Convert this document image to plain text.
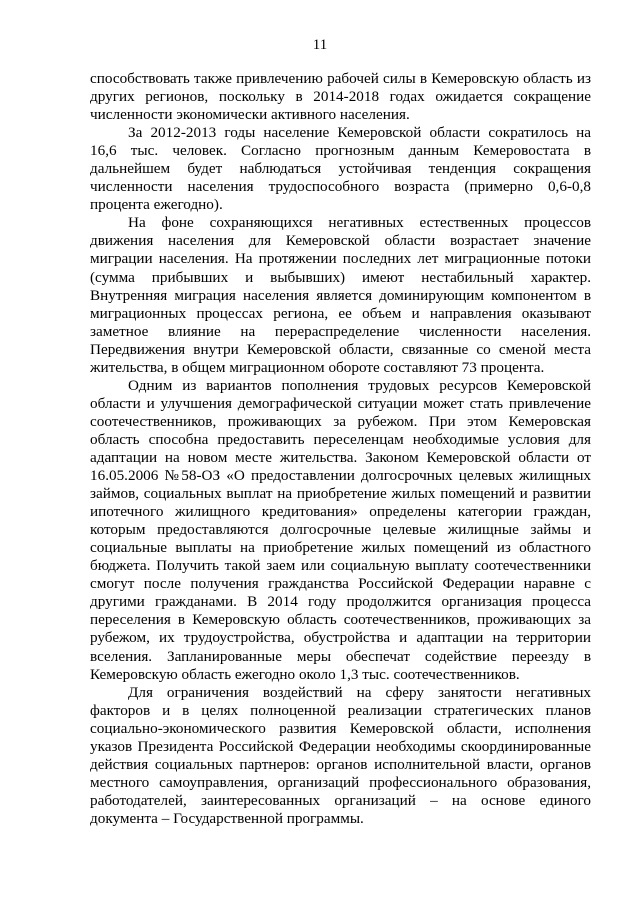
11

способствовать также привлечению рабочей силы в Кемеровскую область из других регионов, поскольку в 2014-2018 годах ожидается сокращение численности экономически активного населения.

За 2012-2013 годы население Кемеровской области сократилось на 16,6 тыс. человек. Согласно прогнозным данным Кемеровостата в дальнейшем будет наблюдаться устойчивая тенденция сокращения численности населения трудоспособного возраста (примерно 0,6-0,8 процента ежегодно).

На фоне сохраняющихся негативных естественных процессов движения населения для Кемеровской области возрастает значение миграции населения. На протяжении последних лет миграционные потоки (сумма прибывших и выбывших) имеют нестабильный характер. Внутренняя миграция населения является доминирующим компонентом в миграционных процессах региона, ее объем и направления оказывают заметное влияние на перераспределение численности населения. Передвижения внутри Кемеровской области, связанные со сменой места жительства, в общем миграционном обороте составляют 73 процента.

Одним из вариантов пополнения трудовых ресурсов Кемеровской области и улучшения демографической ситуации может стать привлечение соотечественников, проживающих за рубежом. При этом Кемеровская область способна предоставить переселенцам необходимые условия для адаптации на новом месте жительства. Законом Кемеровской области от 16.05.2006 №58-ОЗ «О предоставлении долгосрочных целевых жилищных займов, социальных выплат на приобретение жилых помещений и развитии ипотечного жилищного кредитования» определены категории граждан, которым предоставляются долгосрочные целевые жилищные займы и социальные выплаты на приобретение жилых помещений из областного бюджета. Получить такой заем или социальную выплату соотечественники смогут после получения гражданства Российской Федерации наравне с другими гражданами. В 2014 году продолжится организация процесса переселения в Кемеровскую область соотечественников, проживающих за рубежом, их трудоустройства, обустройства и адаптации на территории вселения. Запланированные меры обеспечат содействие переезду в Кемеровскую область ежегодно около 1,3 тыс. соотечественников.

Для ограничения воздействий на сферу занятости негативных факторов и в целях полноценной реализации стратегических планов социально-экономического развития Кемеровской области, исполнения указов Президента Российской Федерации необходимы скоординированные действия социальных партнеров: органов исполнительной власти, органов местного самоуправления, организаций профессионального образования, работодателей, заинтересованных организаций – на основе единого документа – Государственной программы.
